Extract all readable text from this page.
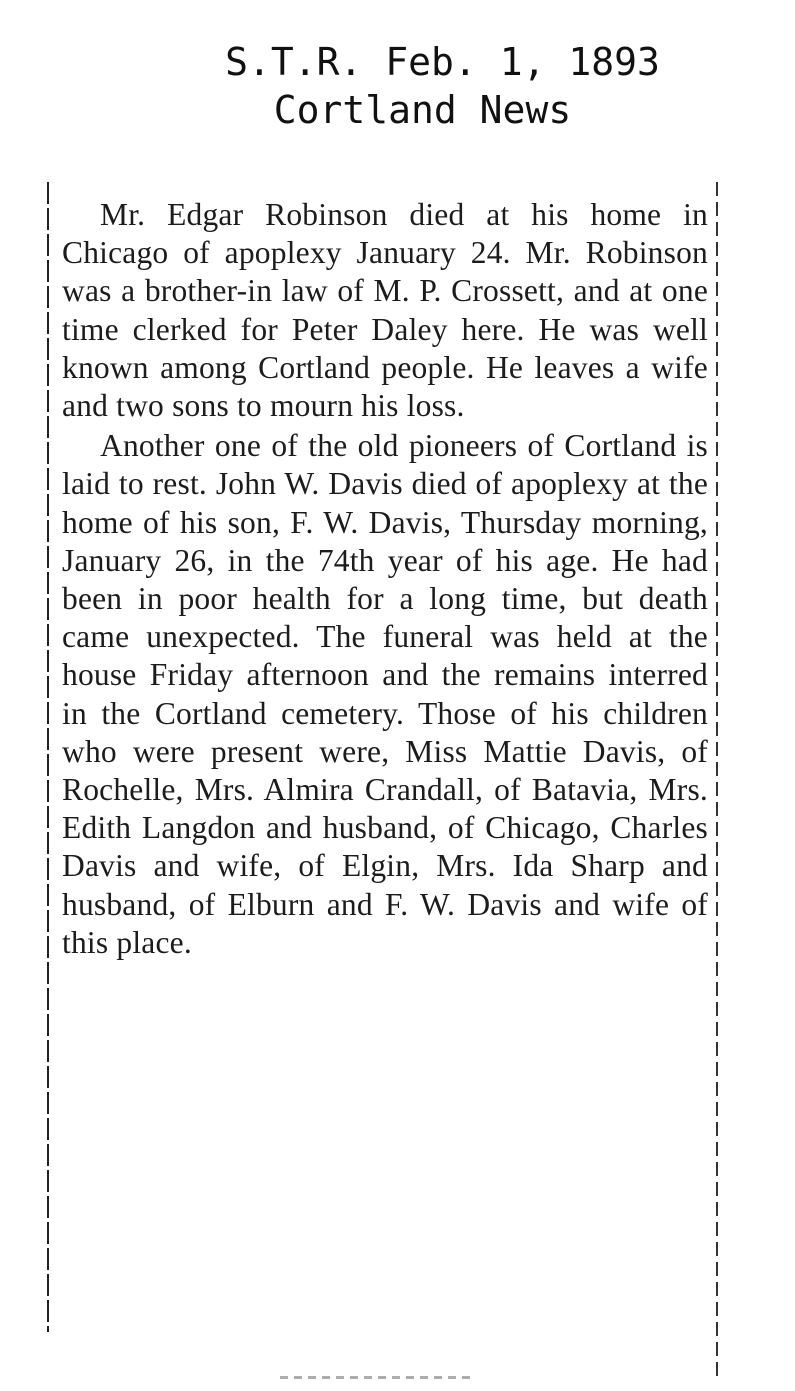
S.T.R. Feb. 1, 1893
Cortland News

Mr. Edgar Robinson died at his home in Chicago of apoplexy January 24. Mr. Robinson was a brother-in law of M. P. Crossett, and at one time clerked for Peter Daley here. He was well known among Cortland people. He leaves a wife and two sons to mourn his loss.

Another one of the old pioneers of Cortland is laid to rest. John W. Davis died of apoplexy at the home of his son, F. W. Davis, Thursday morning, January 26, in the 74th year of his age. He had been in poor health for a long time, but death came unexpected. The funeral was held at the house Friday afternoon and the remains interred in the Cortland cemetery. Those of his children who were present were, Miss Mattie Davis, of Rochelle, Mrs. Almira Crandall, of Batavia, Mrs. Edith Langdon and husband, of Chicago, Charles Davis and wife, of Elgin, Mrs. Ida Sharp and husband, of Elburn and F. W. Davis and wife of this place.
